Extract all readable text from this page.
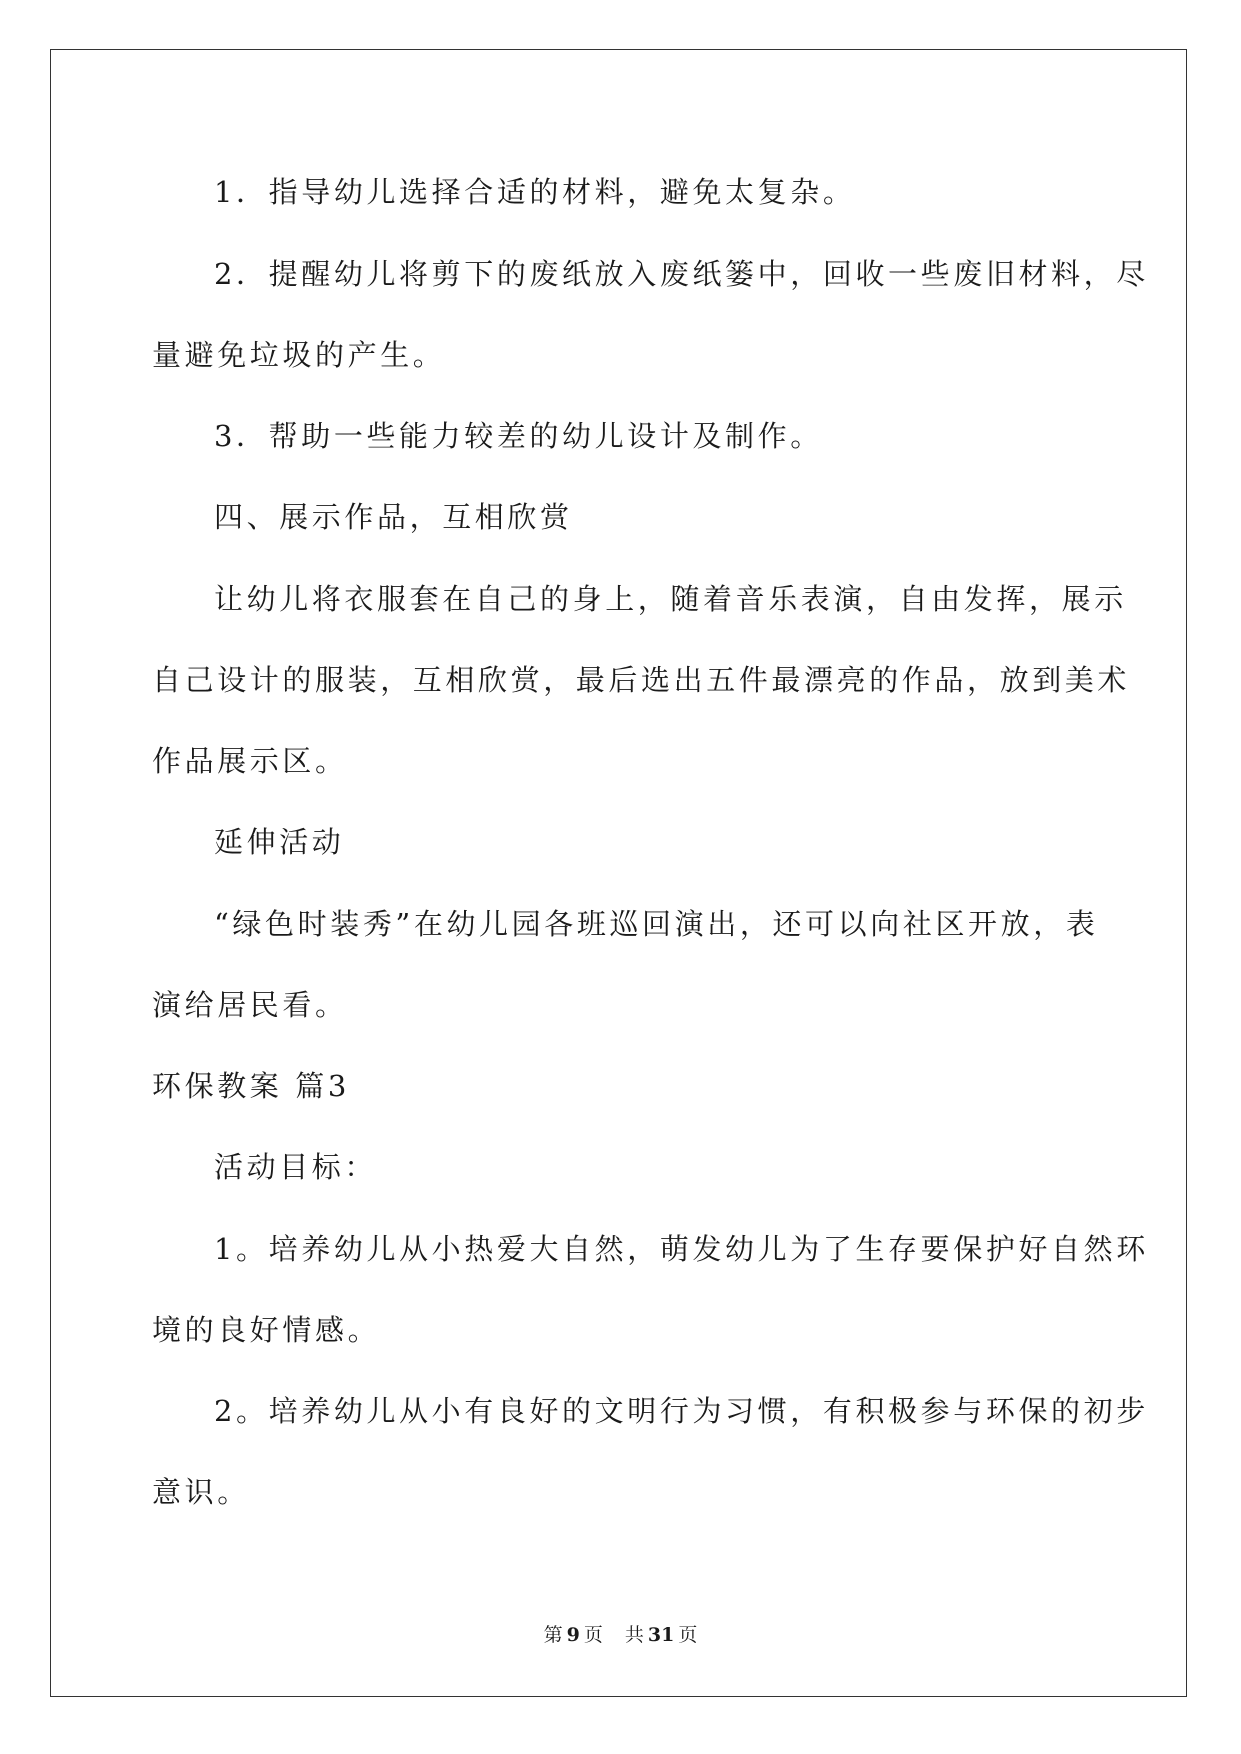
1．指导幼儿选择合适的材料，避免太复杂。
2．提醒幼儿将剪下的废纸放入废纸篓中，回收一些废旧材料，尽
量避免垃圾的产生。
3．帮助一些能力较差的幼儿设计及制作。
四、展示作品，互相欣赏
让幼儿将衣服套在自己的身上，随着音乐表演，自由发挥，展示
自己设计的服装，互相欣赏，最后选出五件最漂亮的作品，放到美术
作品展示区。
延伸活动
“绿色时装秀”在幼儿园各班巡回演出，还可以向社区开放，表
演给居民看。
环保教案 篇3
活动目标：
1。培养幼儿从小热爱大自然，萌发幼儿为了生存要保护好自然环
境的良好情感。
2。培养幼儿从小有良好的文明行为习惯，有积极参与环保的初步
意识。
第 9 页 共 31 页
